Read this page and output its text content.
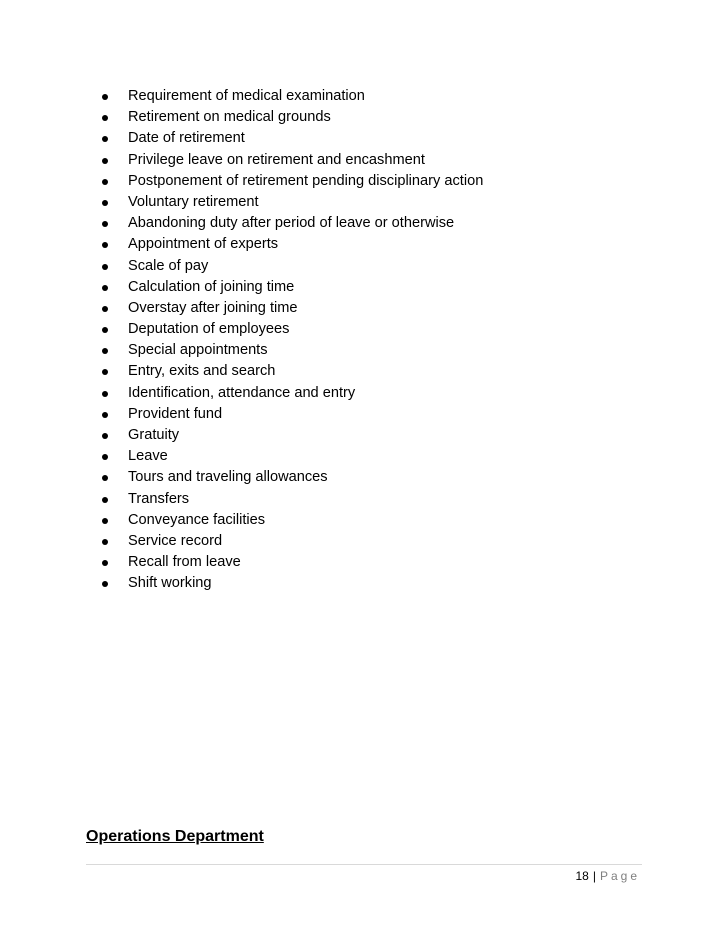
Requirement of medical examination
Retirement on medical grounds
Date of retirement
Privilege leave on retirement and encashment
Postponement of retirement pending disciplinary action
Voluntary retirement
Abandoning duty after period of leave or otherwise
Appointment of experts
Scale of pay
Calculation of joining time
Overstay after joining time
Deputation of employees
Special appointments
Entry, exits and search
Identification, attendance and entry
Provident fund
Gratuity
Leave
Tours and traveling allowances
Transfers
Conveyance facilities
Service record
Recall from leave
Shift working
Operations Department
18 | Page
